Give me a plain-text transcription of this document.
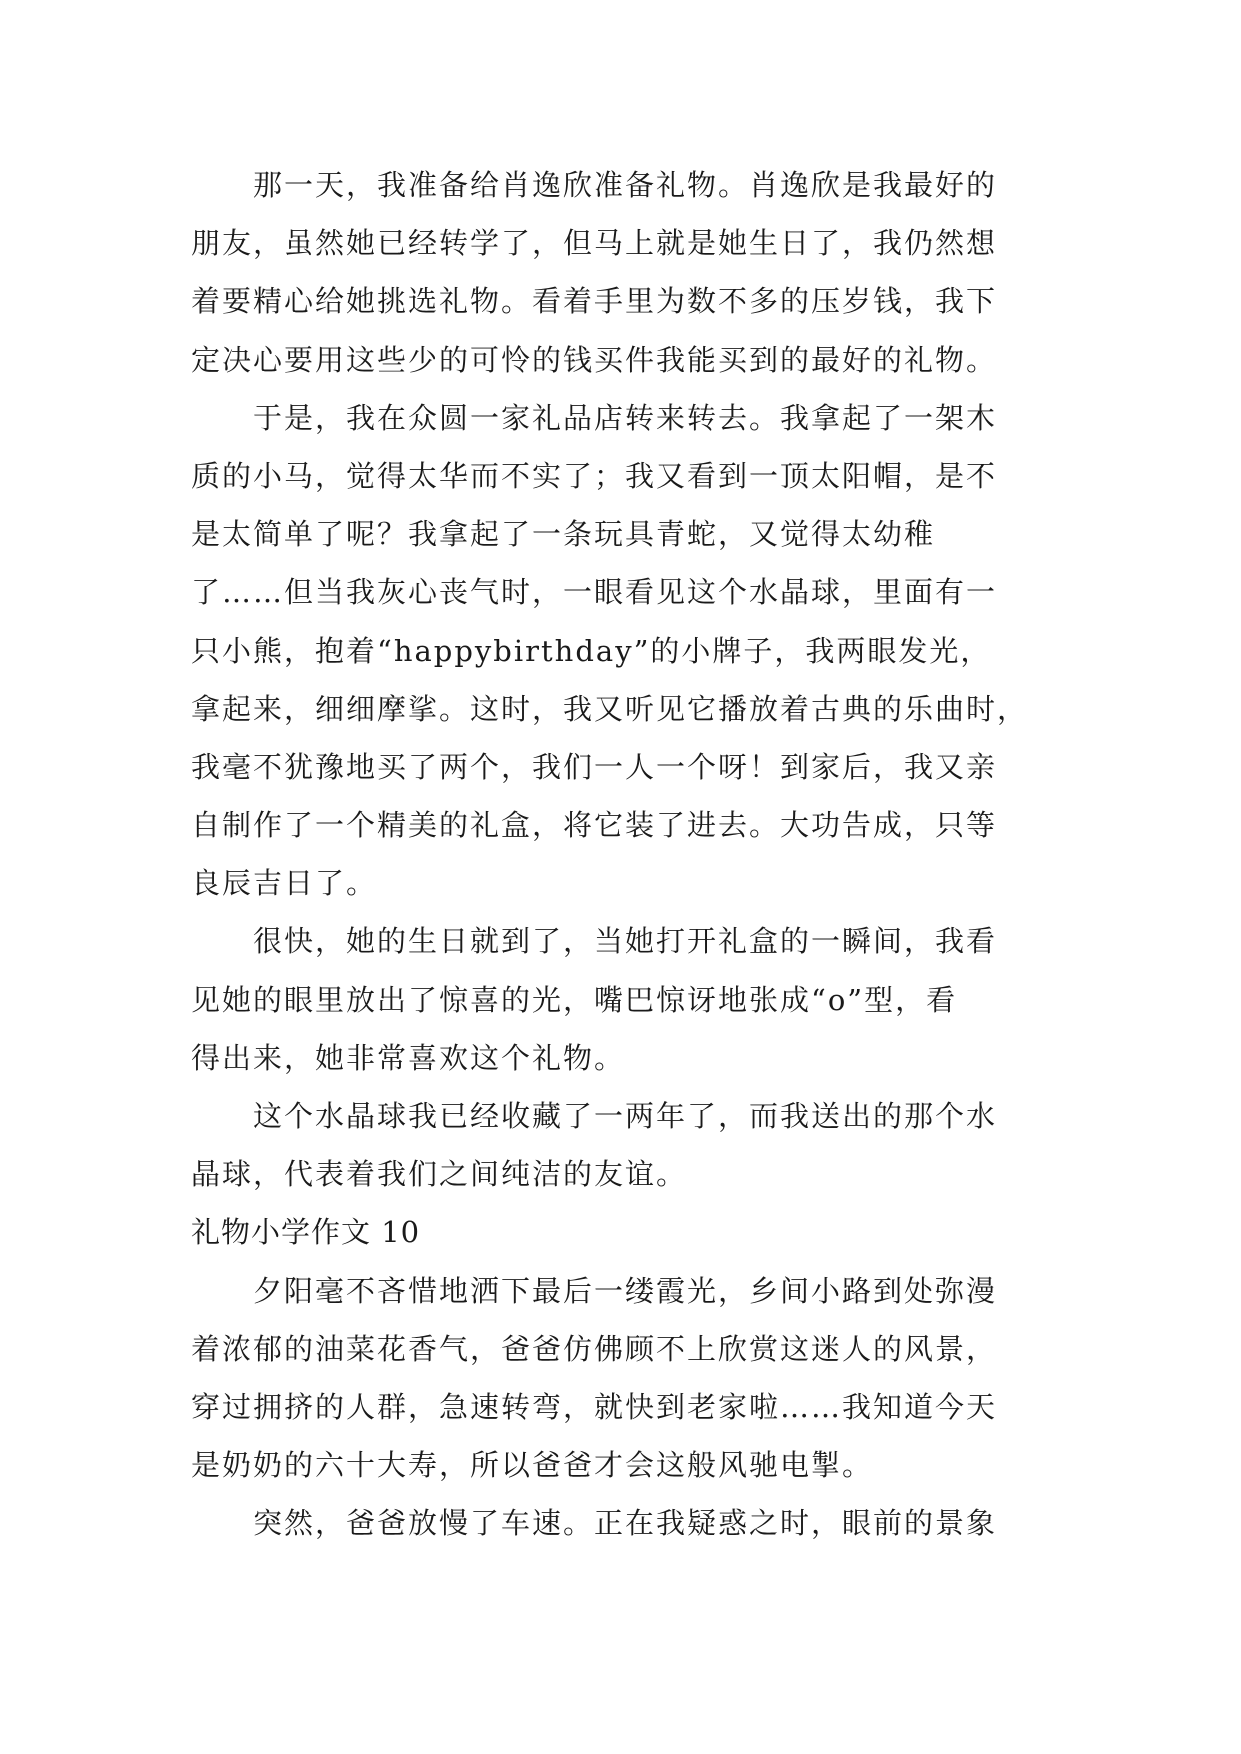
那一天，我准备给肖逸欣准备礼物。肖逸欣是我最好的
朋友，虽然她已经转学了，但马上就是她生日了，我仍然想
着要精心给她挑选礼物。看着手里为数不多的压岁钱，我下
定决心要用这些少的可怜的钱买件我能买到的最好的礼物。
于是，我在众圆一家礼品店转来转去。我拿起了一架木
质的小马，觉得太华而不实了；我又看到一顶太阳帽，是不
是太简单了呢？我拿起了一条玩具青蛇，又觉得太幼稚
了……但当我灰心丧气时，一眼看见这个水晶球，里面有一
只小熊，抱着“happybirthday”的小牌子，我两眼发光，
拿起来，细细摩挲。这时，我又听见它播放着古典的乐曲时，
我毫不犹豫地买了两个，我们一人一个呀！到家后，我又亲
自制作了一个精美的礼盒，将它装了进去。大功告成，只等
良辰吉日了。
很快，她的生日就到了，当她打开礼盒的一瞬间，我看
见她的眼里放出了惊喜的光，嘴巴惊讶地张成“o”型，看
得出来，她非常喜欢这个礼物。
这个水晶球我已经收藏了一两年了，而我送出的那个水
晶球，代表着我们之间纯洁的友谊。
礼物小学作文 10
夕阳毫不吝惜地洒下最后一缕霞光，乡间小路到处弥漫
着浓郁的油菜花香气，爸爸仿佛顾不上欣赏这迷人的风景，
穿过拥挤的人群，急速转弯，就快到老家啦……我知道今天
是奶奶的六十大寿，所以爸爸才会这般风驰电掣。
突然，爸爸放慢了车速。正在我疑惑之时，眼前的景象
